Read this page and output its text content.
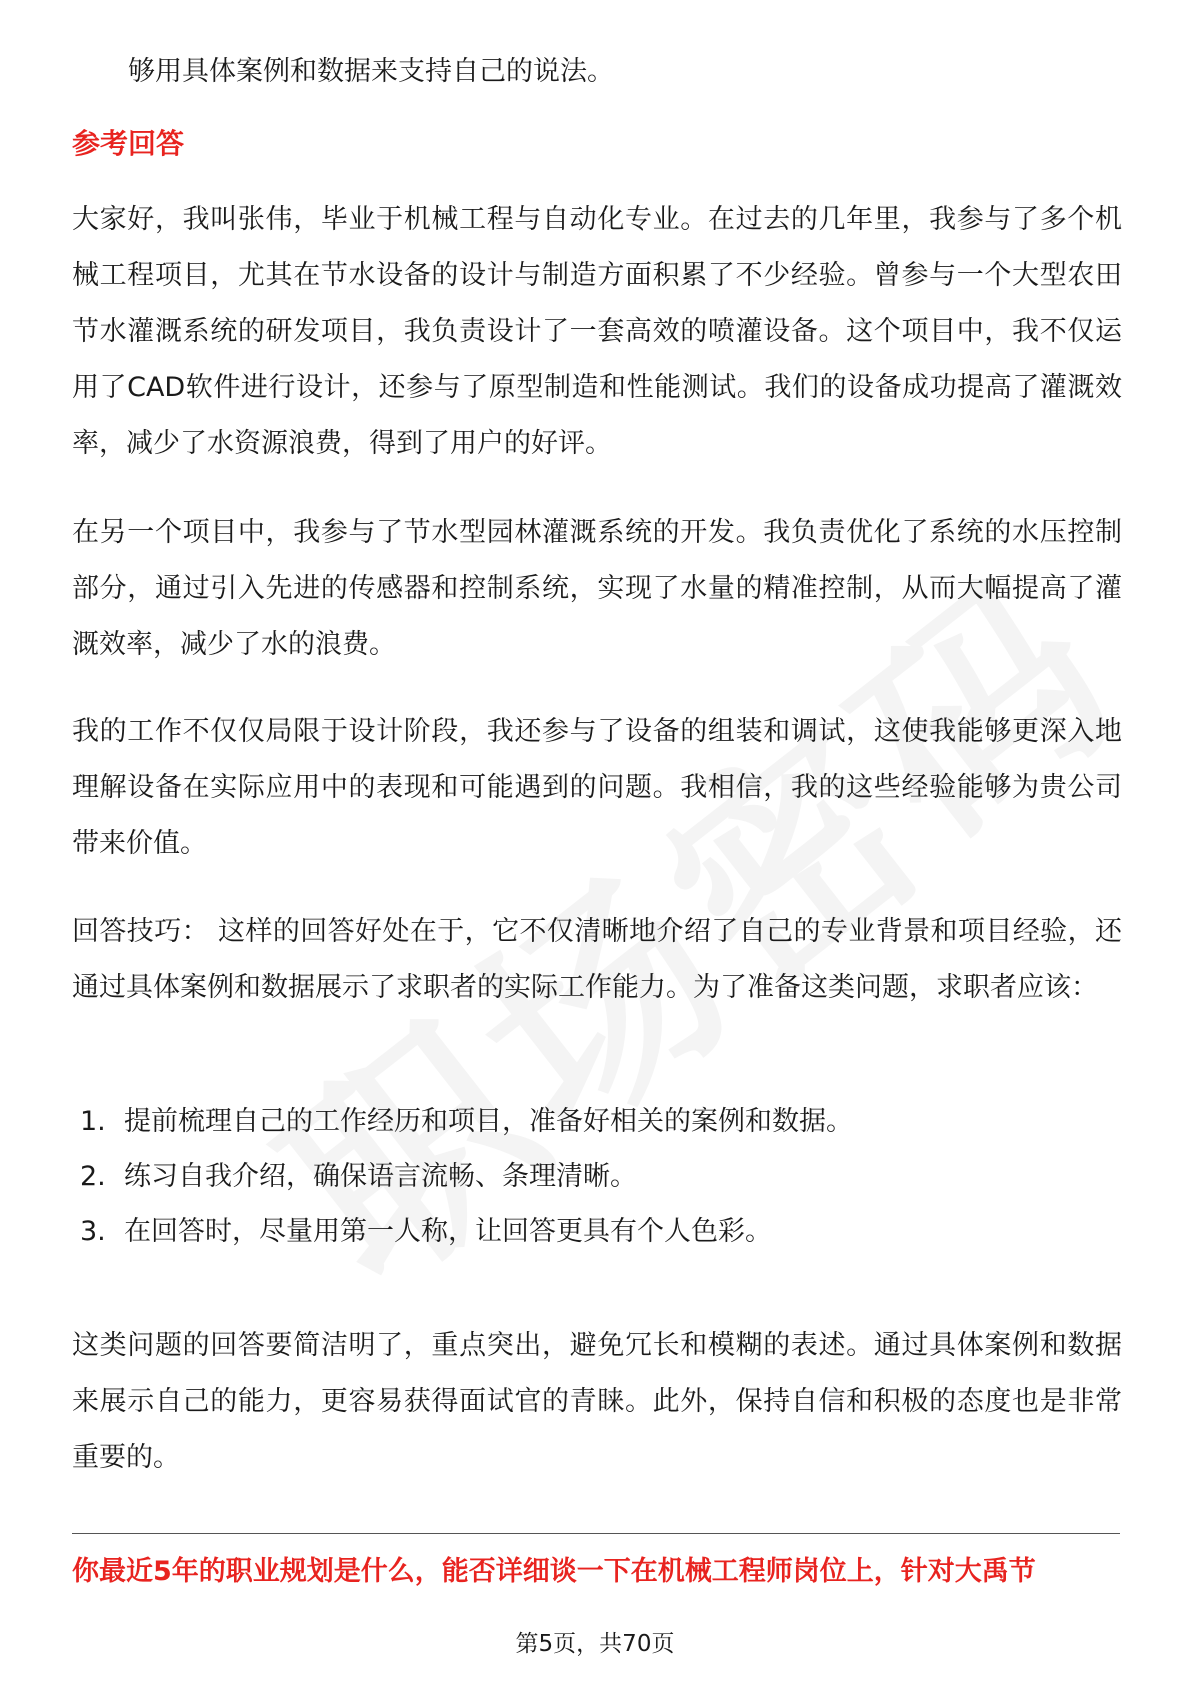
够用具体案例和数据来支持自己的说法。

参考回答

大家好，我叫张伟，毕业于机械工程与自动化专业。在过去的几年里，我参与了多个机械工程项目，尤其在节水设备的设计与制造方面积累了不少经验。曾参与一个大型农田节水灌溉系统的研发项目，我负责设计了一套高效的喷灌设备。这个项目中，我不仅运用了CAD软件进行设计，还参与了原型制造和性能测试。我们的设备成功提高了灌溉效率，减少了水资源浪费，得到了用户的好评。

在另一个项目中，我参与了节水型园林灌溉系统的开发。我负责优化了系统的水压控制部分，通过引入先进的传感器和控制系统，实现了水量的精准控制，从而大幅提高了灌溉效率，减少了水的浪费。

我的工作不仅仅局限于设计阶段，我还参与了设备的组装和调试，这使我能够更深入地理解设备在实际应用中的表现和可能遇到的问题。我相信，我的这些经验能够为贵公司带来价值。

回答技巧： 这样的回答好处在于，它不仅清晰地介绍了自己的专业背景和项目经验，还通过具体案例和数据展示了求职者的实际工作能力。为了准备这类问题，求职者应该：

1. 提前梳理自己的工作经历和项目，准备好相关的案例和数据。
2. 练习自我介绍，确保语言流畅、条理清晰。
3. 在回答时，尽量用第一人称，让回答更具有个人色彩。

这类问题的回答要简洁明了，重点突出，避免冗长和模糊的表述。通过具体案例和数据来展示自己的能力，更容易获得面试官的青睐。此外，保持自信和积极的态度也是非常重要的。

你最近5年的职业规划是什么，能否详细谈一下在机械工程师岗位上，针对大禹节
第5页，共70页
